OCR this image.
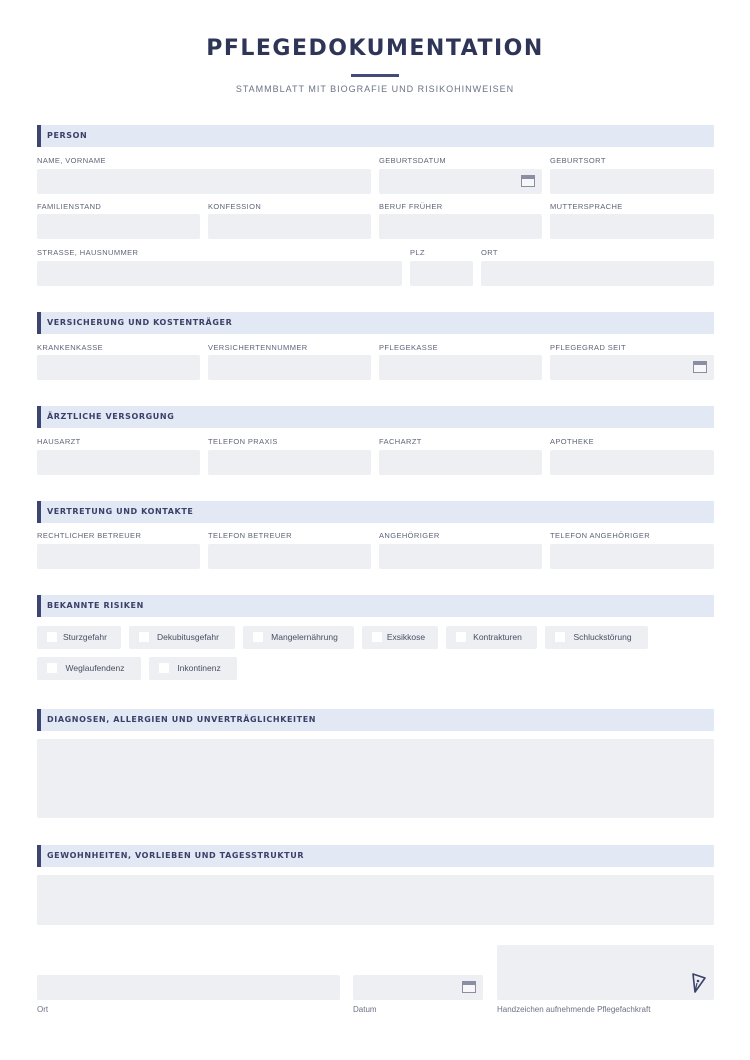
PFLEGEDOKUMENTATION
STAMMBLATT MIT BIOGRAFIE UND RISIKOHINWEISEN
PERSON
NAME, VORNAME	GEBURTSDATUM	GEBURTSORT
FAMILIENSTAND	KONFESSION	BERUF FRÜHER	MUTTERSPRACHE
STRASSE, HAUSNUMMER	PLZ	ORT
VERSICHERUNG UND KOSTENTRÄGER
KRANKENKASSE	VERSICHERTENNUMMER	PFLEGEKASSE	PFLEGEGRAD SEIT
ÄRZTLICHE VERSORGUNG
HAUSARZT	TELEFON PRAXIS	FACHARZT	APOTHEKE
VERTRETUNG UND KONTAKTE
RECHTLICHER BETREUER	TELEFON BETREUER	ANGEHÖRIGER	TELEFON ANGEHÖRIGER
BEKANNTE RISIKEN
Sturzgefahr	Dekubitusgefahr	Mangelernährung	Exsikkose	Kontrakturen	Schluckstörung
Weglaufendenz	Inkontinenz
DIAGNOSEN, ALLERGIEN UND UNVERTRÄGLICHKEITEN
GEWOHNHEITEN, VORLIEBEN UND TAGESSTRUKTUR
Ort	Datum	Handzeichen aufnehmende Pflegefachkraft
